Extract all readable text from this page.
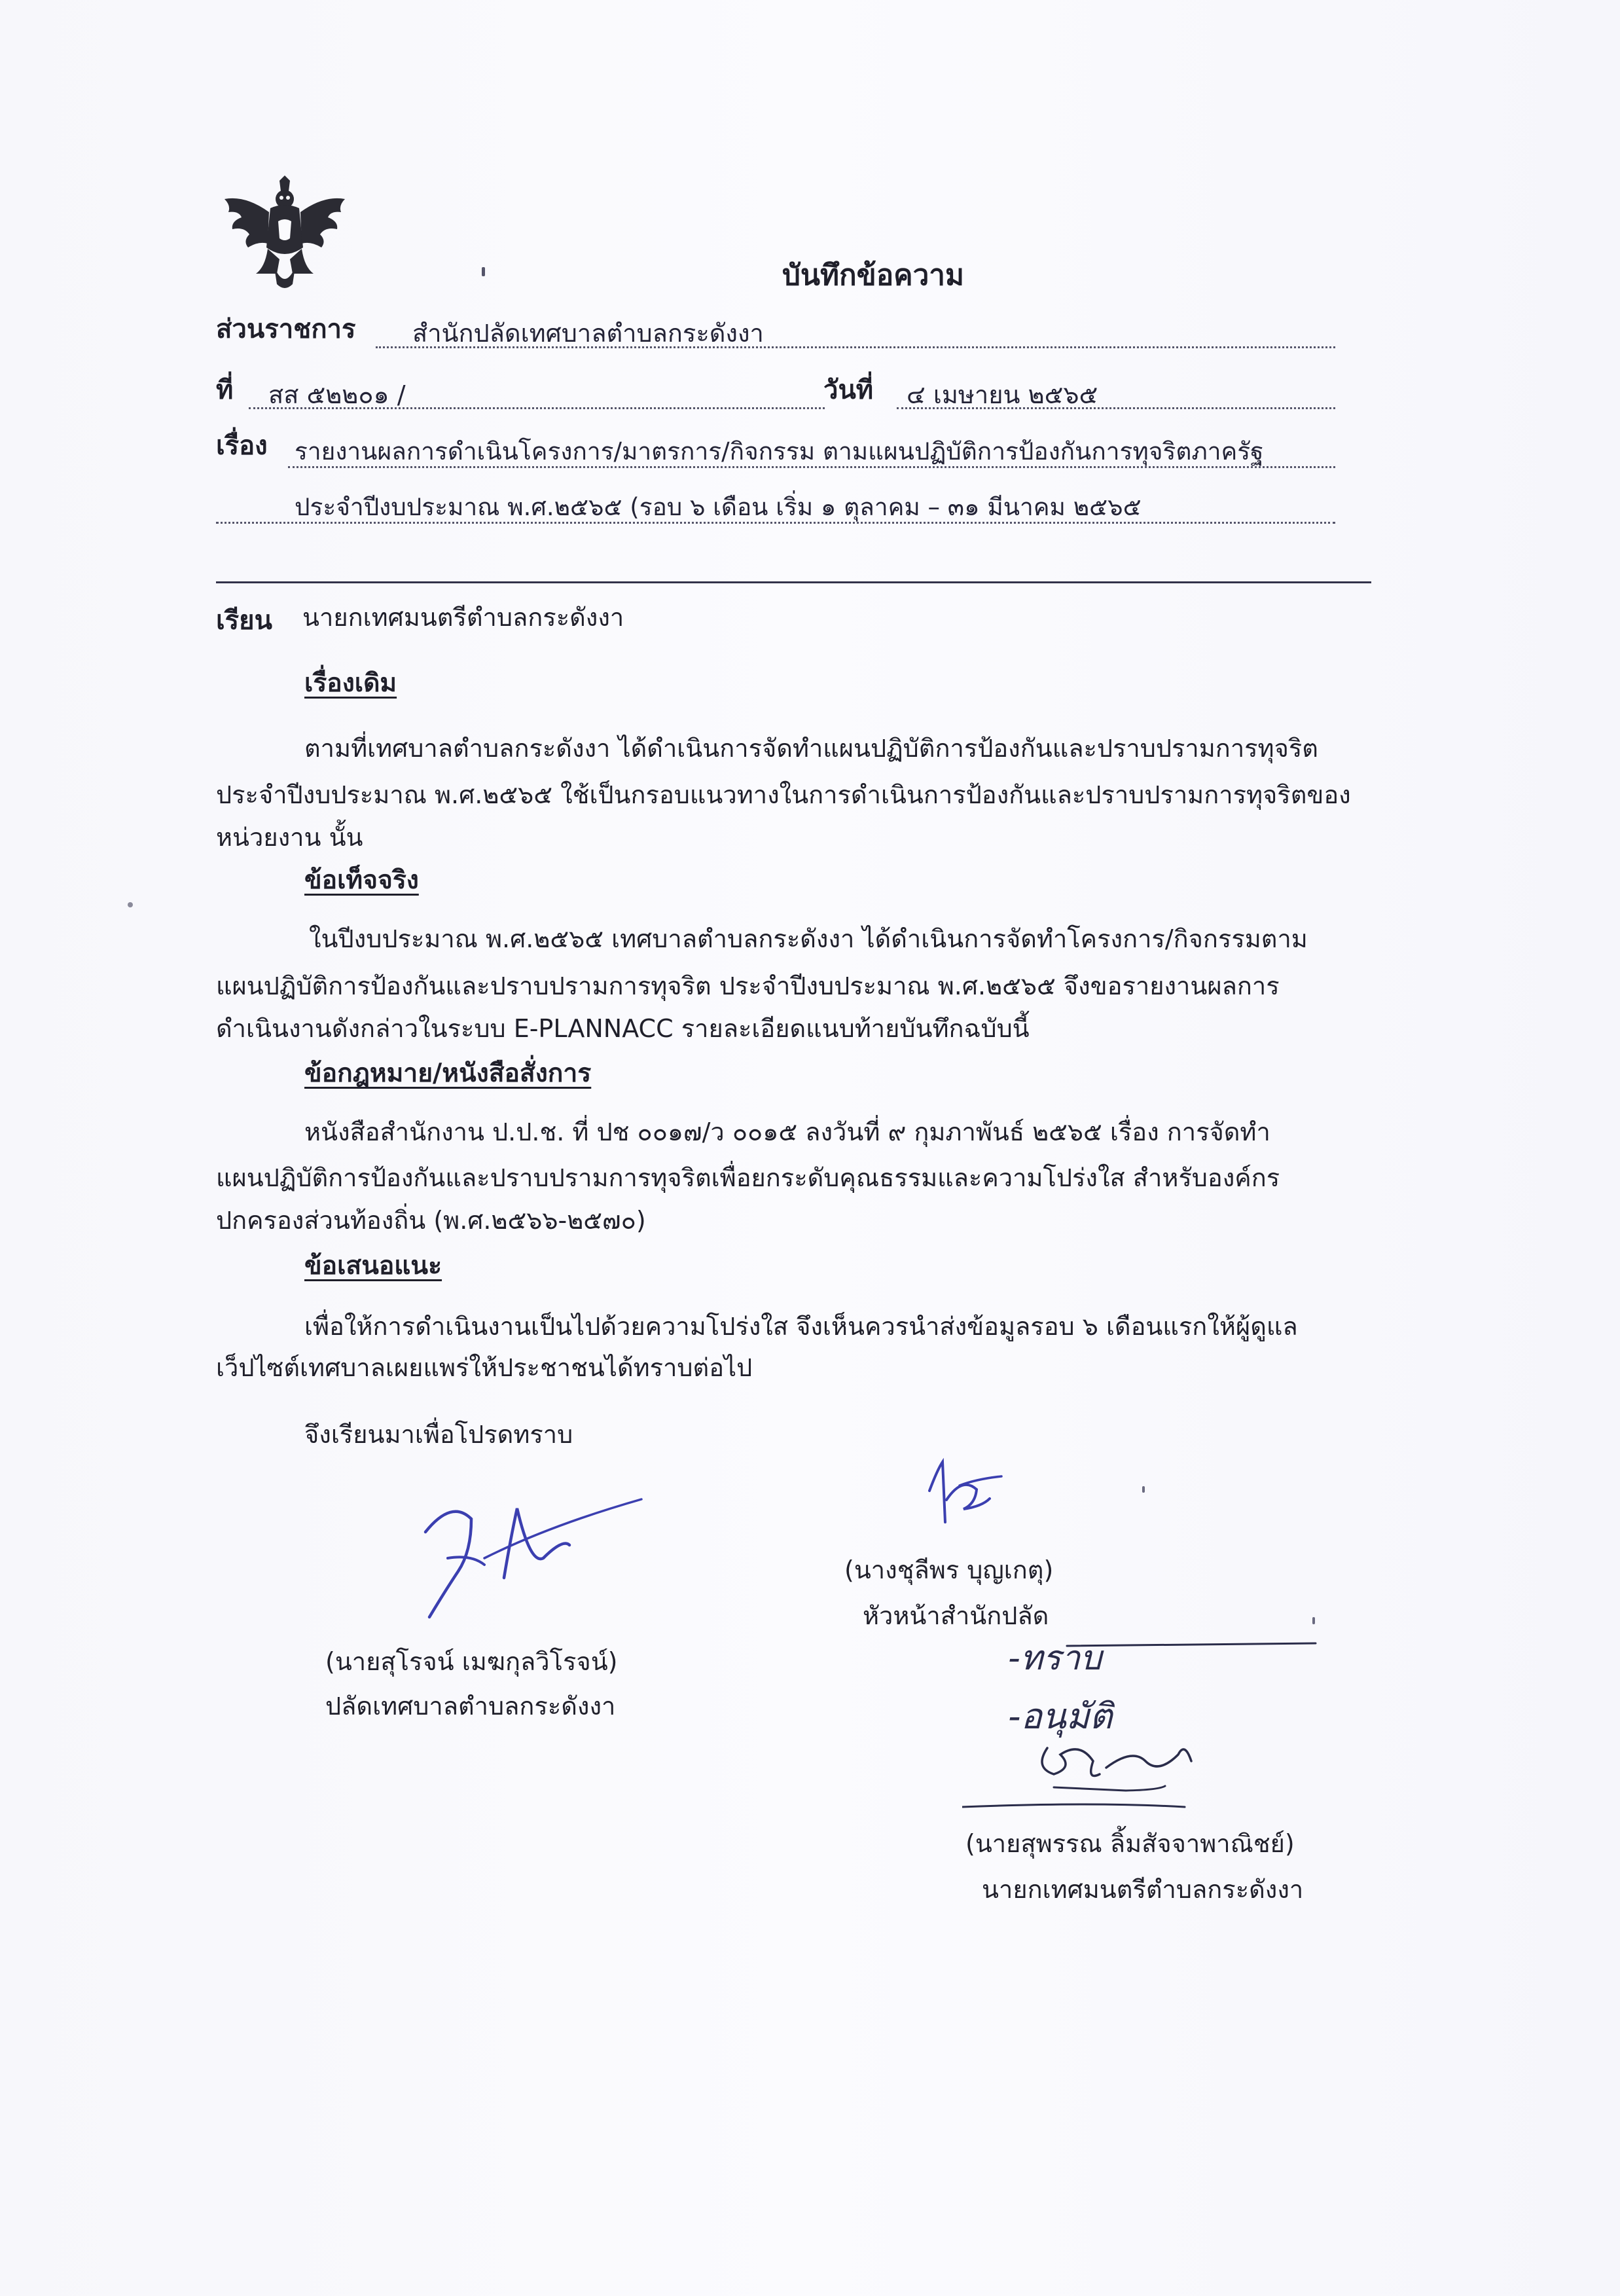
บันทึกข้อความ
ส่วนราชการ สำนักปลัดเทศบาลตำบลกระดังงา
ที่ สส ๕๒๒๐๑ /	วันที่ ๔ เมษายน ๒๕๖๕
เรื่อง รายงานผลการดำเนินโครงการ/มาตรการ/กิจกรรม ตามแผนปฏิบัติการป้องกันการทุจริตภาครัฐ
ประจำปีงบประมาณ พ.ศ.๒๕๖๕ (รอบ ๖ เดือน เริ่ม ๑ ตุลาคม – ๓๑ มีนาคม ๒๕๖๕
เรียน นายกเทศมนตรีตำบลกระดังงา
เรื่องเดิม
ตามที่เทศบาลตำบลกระดังงา ได้ดำเนินการจัดทำแผนปฏิบัติการป้องกันและปราบปรามการทุจริต
ประจำปีงบประมาณ พ.ศ.๒๕๖๕ ใช้เป็นกรอบแนวทางในการดำเนินการป้องกันและปราบปรามการทุจริตของ
หน่วยงาน นั้น
ข้อเท็จจริง
ในปีงบประมาณ พ.ศ.๒๕๖๕ เทศบาลตำบลกระดังงา ได้ดำเนินการจัดทำโครงการ/กิจกรรมตาม
แผนปฏิบัติการป้องกันและปราบปรามการทุจริต ประจำปีงบประมาณ พ.ศ.๒๕๖๕ จึงขอรายงานผลการ
ดำเนินงานดังกล่าวในระบบ E-PLANNACC รายละเอียดแนบท้ายบันทึกฉบับนี้
ข้อกฎหมาย/หนังสือสั่งการ
หนังสือสำนักงาน ป.ป.ช. ที่ ปช ๐๐๑๗/ว ๐๐๑๕ ลงวันที่ ๙ กุมภาพันธ์ ๒๕๖๕ เรื่อง การจัดทำ
แผนปฏิบัติการป้องกันและปราบปรามการทุจริตเพื่อยกระดับคุณธรรมและความโปร่งใส สำหรับองค์กร
ปกครองส่วนท้องถิ่น (พ.ศ.๒๕๖๖-๒๕๗๐)
ข้อเสนอแนะ
เพื่อให้การดำเนินงานเป็นไปด้วยความโปร่งใส จึงเห็นควรนำส่งข้อมูลรอบ ๖ เดือนแรกให้ผู้ดูแล
เว็ปไซต์เทศบาลเผยแพร่ให้ประชาชนได้ทราบต่อไป
จึงเรียนมาเพื่อโปรดทราบ
(นางชุลีพร บุญเกตุ)
หัวหน้าสำนักปลัด
(นายสุโรจน์ เมฆกุลวิโรจน์)
ปลัดเทศบาลตำบลกระดังงา
-ทราบ
-อนุมัติ
(นายสุพรรณ ลิ้มสัจจาพาณิชย์)
นายกเทศมนตรีตำบลกระดังงา
